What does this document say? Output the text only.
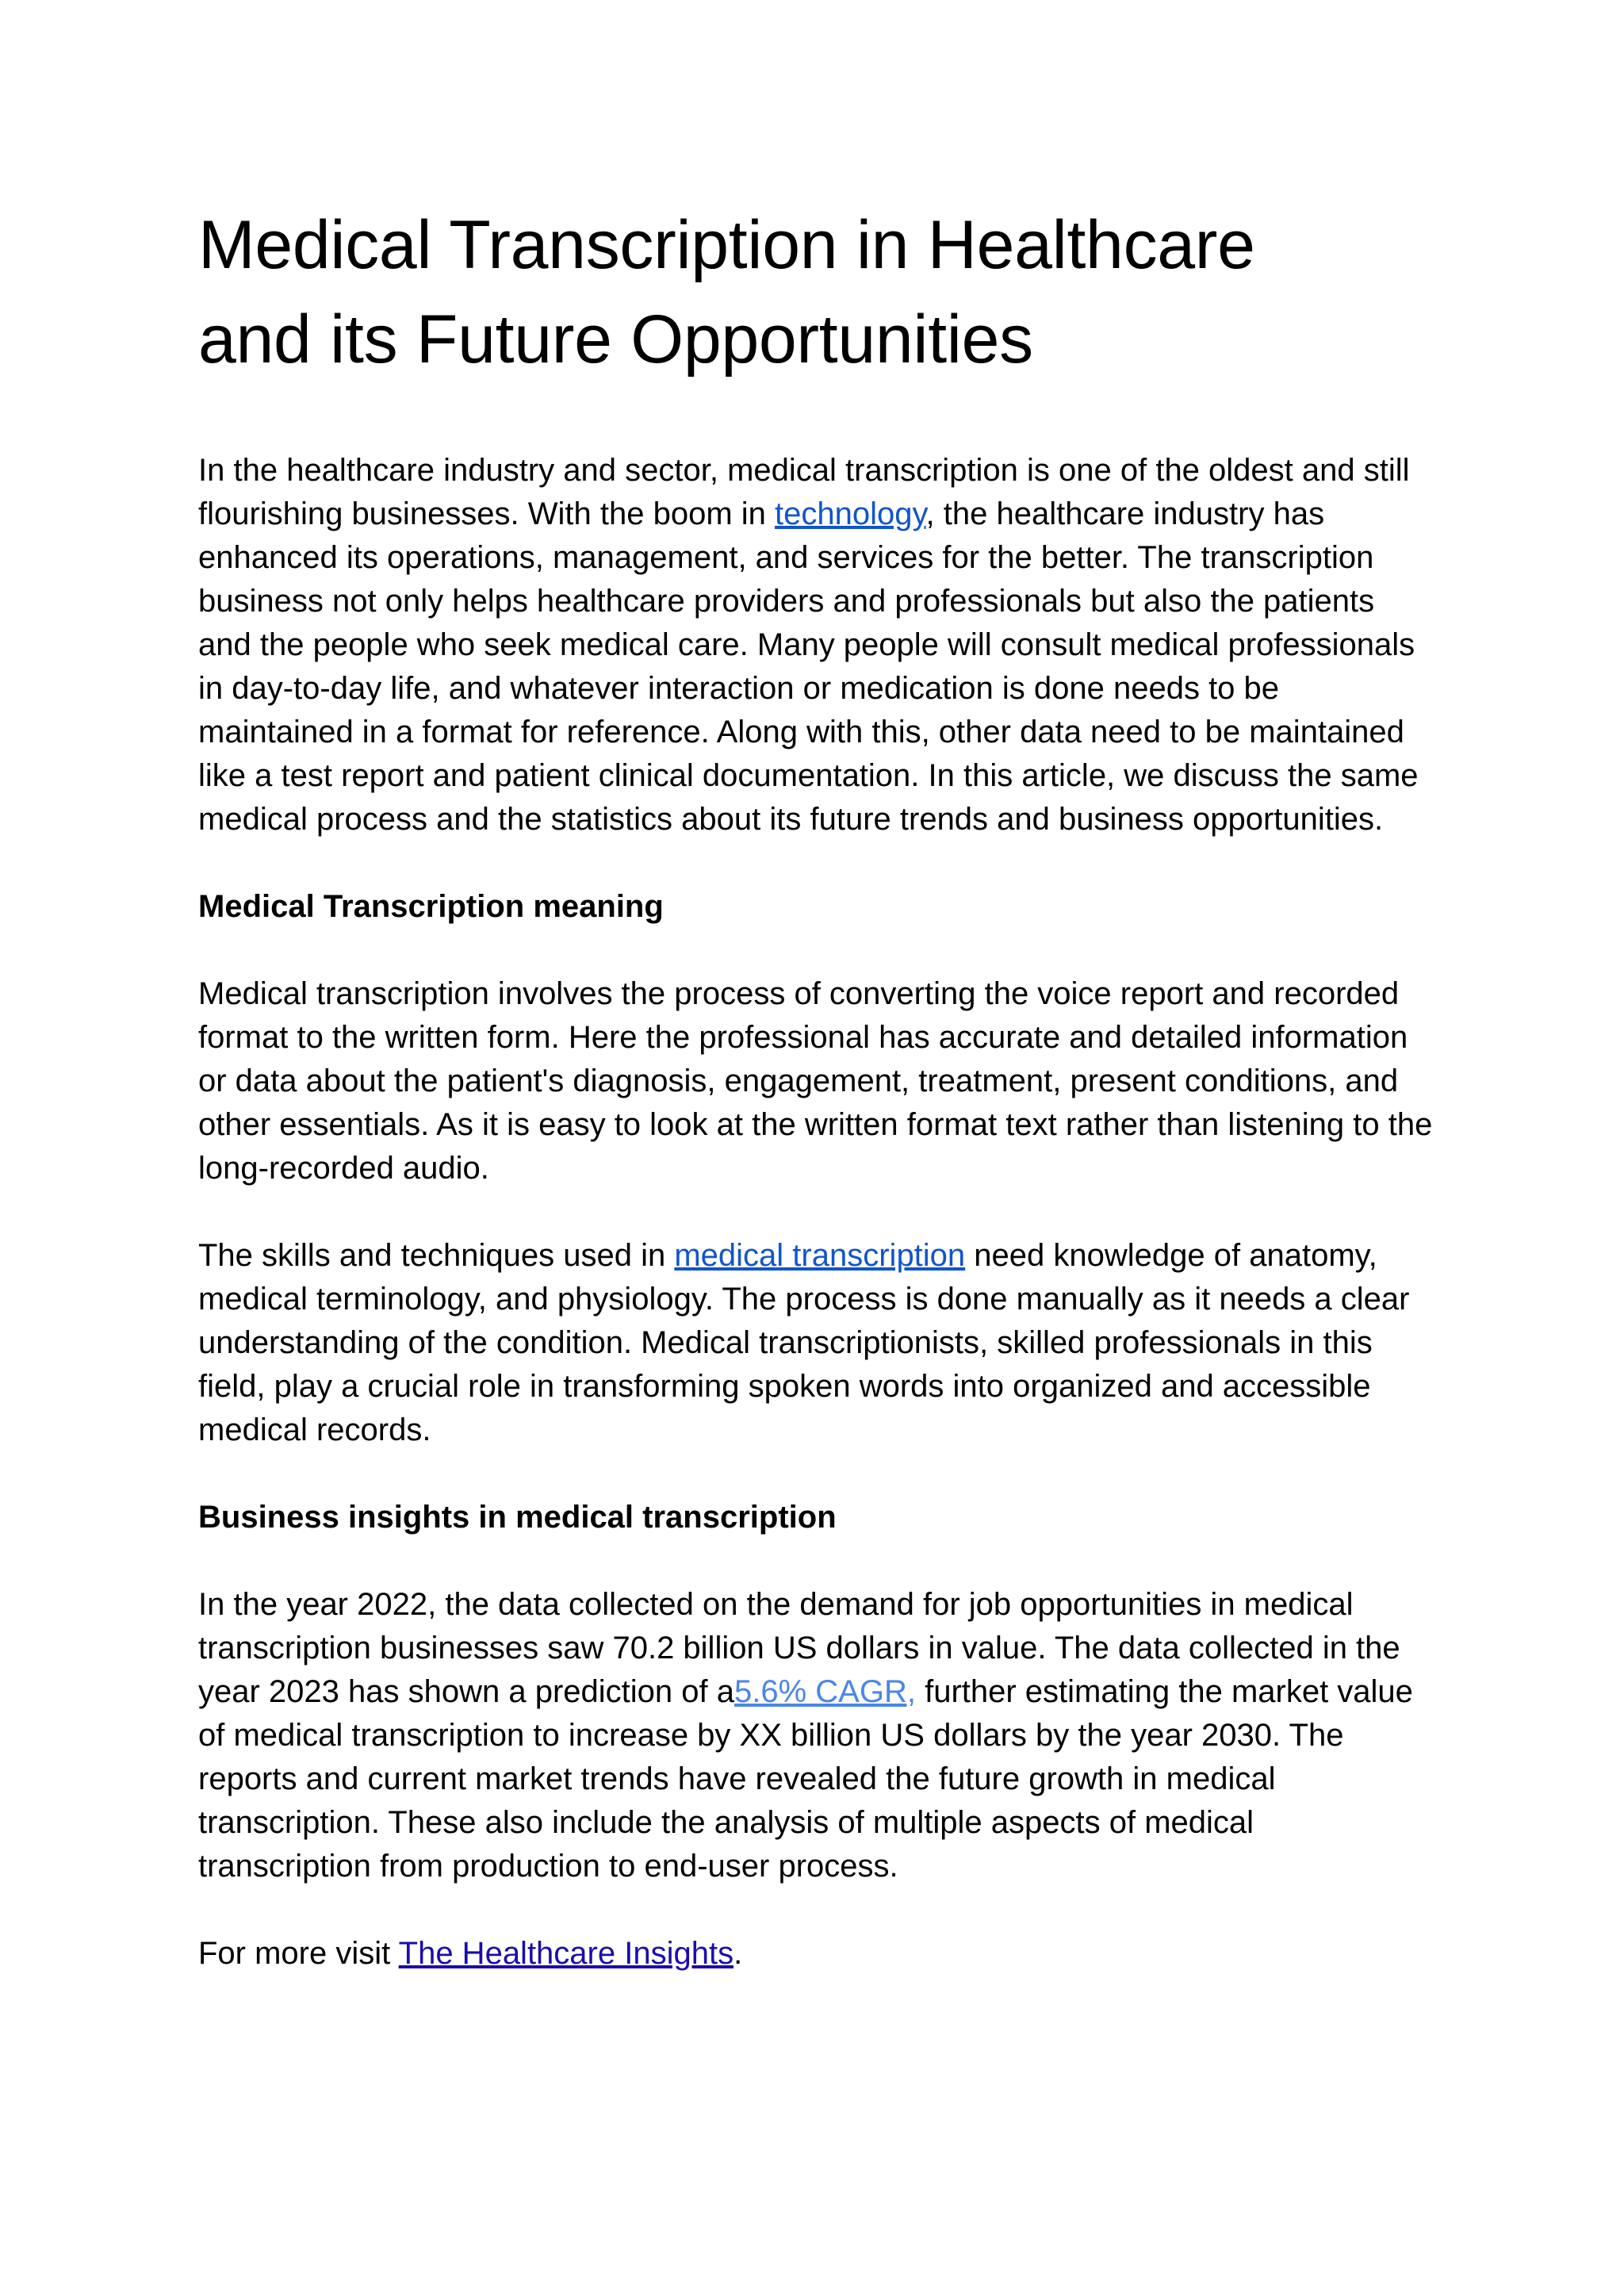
Medical Transcription in Healthcare
and its Future Opportunities

In the healthcare industry and sector, medical transcription is one of the oldest and still flourishing businesses. With the boom in technology, the healthcare industry has enhanced its operations, management, and services for the better. The transcription business not only helps healthcare providers and professionals but also the patients and the people who seek medical care. Many people will consult medical professionals in day-to-day life, and whatever interaction or medication is done needs to be maintained in a format for reference. Along with this, other data need to be maintained like a test report and patient clinical documentation. In this article, we discuss the same medical process and the statistics about its future trends and business opportunities.

Medical Transcription meaning

Medical transcription involves the process of converting the voice report and recorded format to the written form. Here the professional has accurate and detailed information or data about the patient's diagnosis, engagement, treatment, present conditions, and other essentials. As it is easy to look at the written format text rather than listening to the long-recorded audio.

The skills and techniques used in medical transcription need knowledge of anatomy, medical terminology, and physiology. The process is done manually as it needs a clear understanding of the condition. Medical transcriptionists, skilled professionals in this field, play a crucial role in transforming spoken words into organized and accessible medical records.

Business insights in medical transcription

In the year 2022, the data collected on the demand for job opportunities in medical transcription businesses saw 70.2 billion US dollars in value. The data collected in the year 2023 has shown a prediction of a5.6% CAGR, further estimating the market value of medical transcription to increase by XX billion US dollars by the year 2030. The reports and current market trends have revealed the future growth in medical transcription. These also include the analysis of multiple aspects of medical transcription from production to end-user process.

For more visit The Healthcare Insights.
